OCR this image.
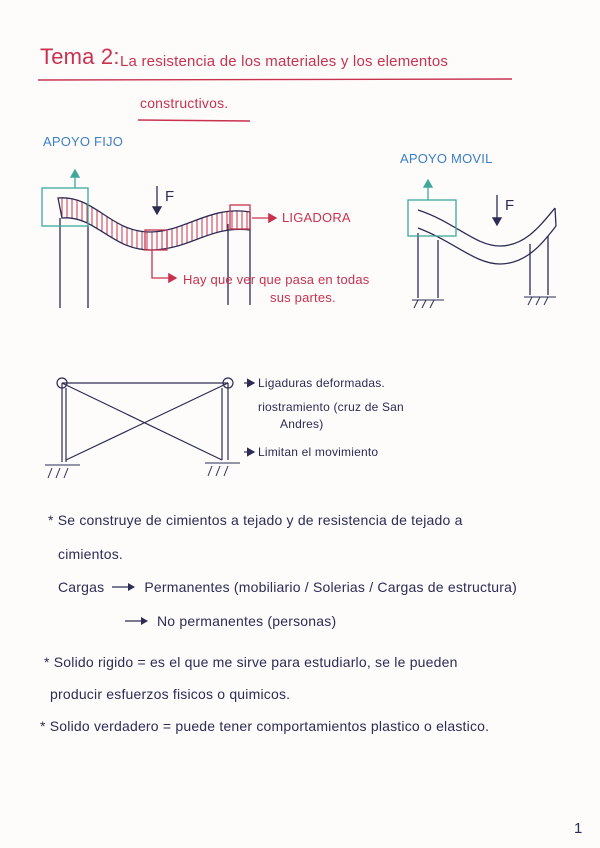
Tema 2: La resistencia de los materiales y los elementos
constructivos.
APOYO FIJO
APOYO MOVIL
F
F
LIGADORA
Hay que ver que pasa en todas
sus partes.
Ligaduras deformadas.
riostramiento (cruz de San
Andres)
Limitan el movimiento
* Se construye de cimientos a tejado y de resistencia de tejado a
cimientos.
Cargas	Permanentes (mobiliario / Solerias / Cargas de estructura)
No permanentes (personas)
* Solido rigido = es el que me sirve para estudiarlo, se le pueden
producir esfuerzos fisicos o quimicos.
* Solido verdadero = puede tener comportamientos plastico o elastico.
1
